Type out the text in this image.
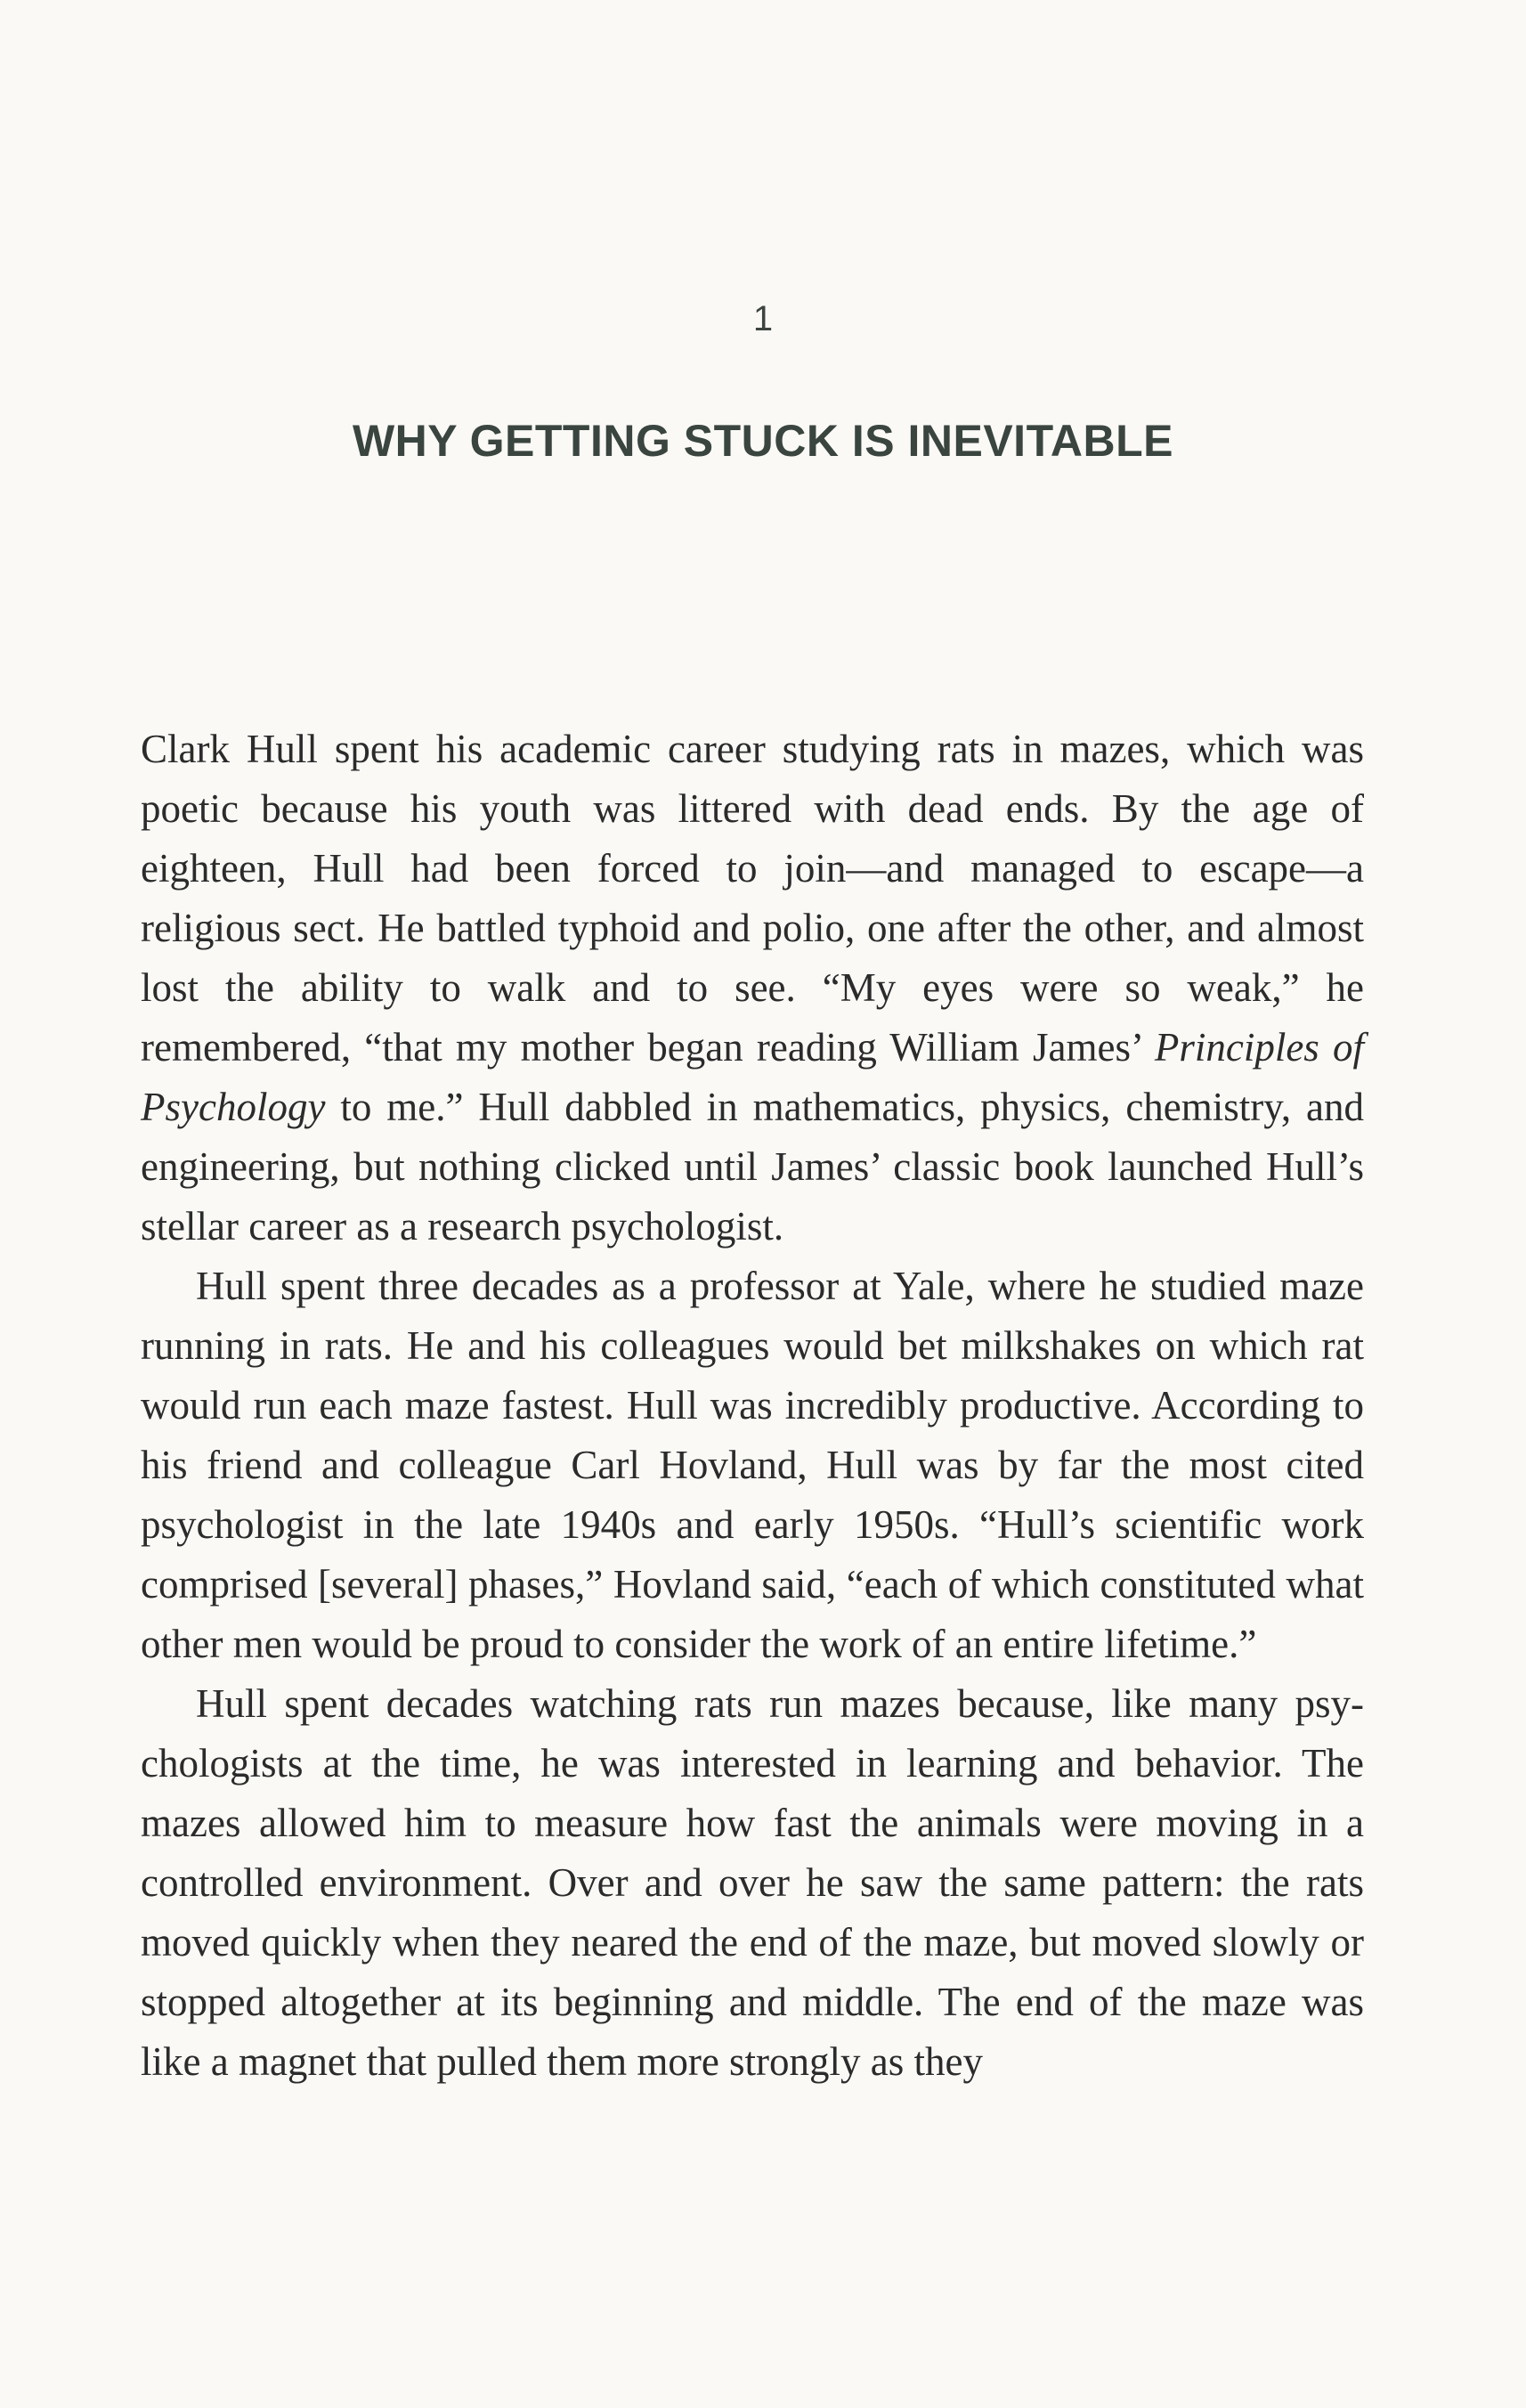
1
WHY GETTING STUCK IS INEVITABLE

Clark Hull spent his academic career studying rats in mazes, which was poetic because his youth was littered with dead ends. By the age of eighteen, Hull had been forced to join—and managed to escape—a religious sect. He battled typhoid and polio, one after the other, and almost lost the ability to walk and to see. “My eyes were so weak,” he remembered, “that my mother began reading William James’ Principles of Psychology to me.” Hull dabbled in mathematics, physics, chemistry, and engineering, but nothing clicked until James’ classic book launched Hull’s stellar career as a research psychologist.

Hull spent three decades as a professor at Yale, where he studied maze running in rats. He and his colleagues would bet milkshakes on which rat would run each maze fastest. Hull was incredibly productive. According to his friend and colleague Carl Hovland, Hull was by far the most cited psychologist in the late 1940s and early 1950s. “Hull’s scientific work comprised [several] phases,” Hovland said, “each of which constituted what other men would be proud to consider the work of an entire lifetime.”

Hull spent decades watching rats run mazes because, like many psychologists at the time, he was interested in learning and behavior. The mazes allowed him to measure how fast the animals were moving in a controlled environment. Over and over he saw the same pattern: the rats moved quickly when they neared the end of the maze, but moved slowly or stopped altogether at its beginning and middle. The end of the maze was like a magnet that pulled them more strongly as they
